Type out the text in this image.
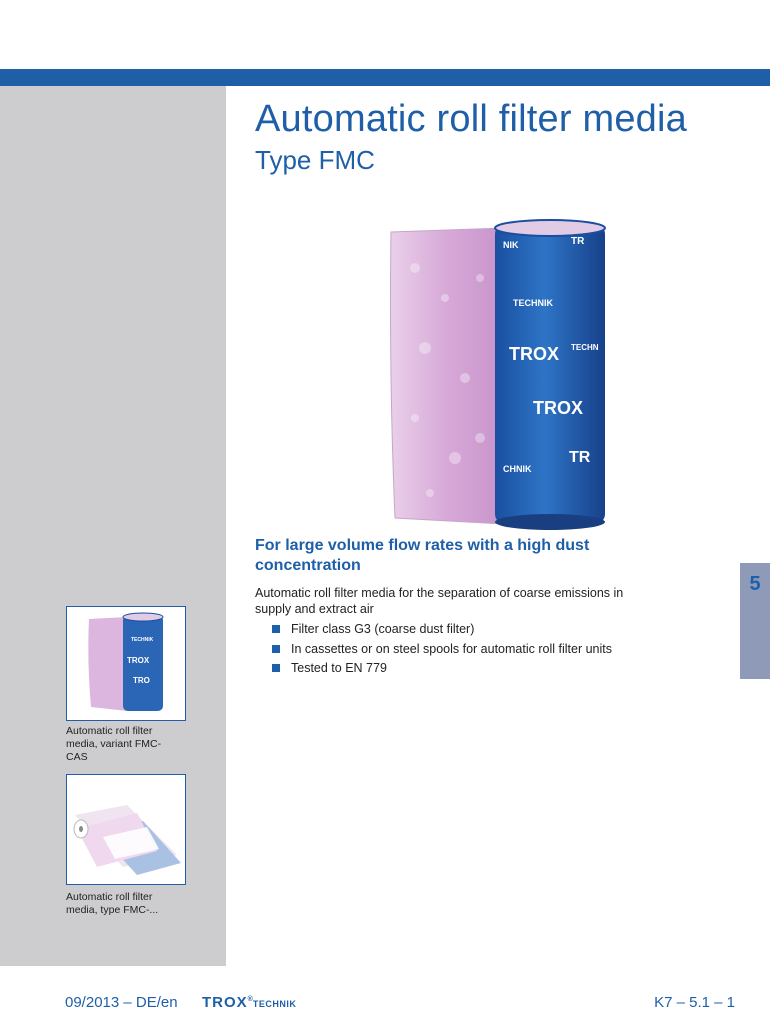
Automatic roll filter media
Type FMC
NIK
TECHNIK
TROX TECHN
TROX
TR
CHNIK
TR

For large volume flow rates with a high dust concentration

Automatic roll filter media for the separation of coarse emissions in supply and extract air

Filter class G3 (coarse dust filter)
In cassettes or on steel spools for automatic roll filter units
Tested to EN 779
5
TECHNIK
TROX
TRO

Automatic roll filter media, variant FMC-CAS

Automatic roll filter media, type FMC-...

09/2013 – DE/en TROX®TECHNIK	K7 – 5.1 – 1
